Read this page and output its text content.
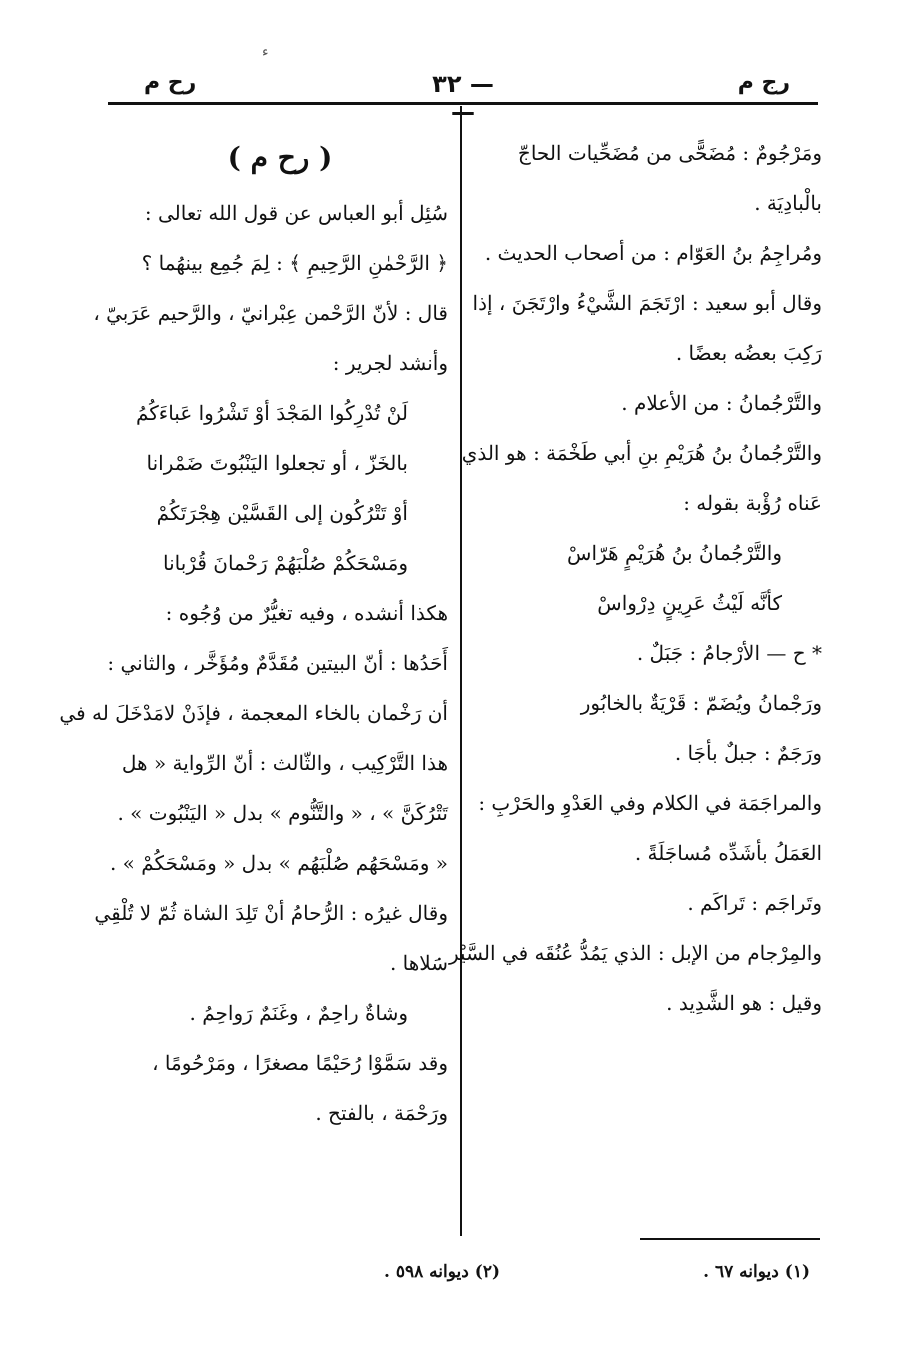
ﺀ
رج م
— ٣٢ —
رح م
ومَرْجُومٌ : مُضَحًّى من مُضَحِّيات الحاجّ
بالْبادِيَة .
ومُراجِمُ بنُ العَوّام : من أصحاب الحديث .
وقال أبو سعيد : ارْتَجَمَ الشَّيْءُ وارْتَجَنَ ، إذا
رَكِبَ بعضُه بعضًا .
والتَّرْجُمانُ : من الأعلام .
والتَّرْجُمانُ بنُ هُرَيْمِ بنِ أبي طَخْمَة : هو الذي
عَناه رُؤْبة بقوله :
والتَّرْجُمانُ بنُ هُرَيْمٍ هَرّاسْ
كأنَّه لَيْثُ عَرِينٍ دِرْواسْ
* ح — الأرْجامُ : جَبَلٌ .
ورَجْمانُ ويُضَمّ : قَرْيَةٌ بالخابُور
ورَجَمٌ : جبلٌ بأجَا .
والمراجَمَة في الكلام وفي العَدْوِ والحَرْبِ :
العَمَلُ بأشَدِّه مُساجَلَةً .
وتَراجَم : تَراكَم .
والمِرْجام من الإبل : الذي يَمُدُّ عُنُقَه في السَّيْر .
وقيل : هو الشَّدِيد .
( رح م )
سُئِل أبو العباس عن قول الله تعالى :
﴿ الرَّحْمٰنِ الرَّحِيمِ ﴾ : لِمَ جُمِع بينهُما ؟
قال : لأنّ الرَّحْمن عِبْرانيّ ، والرَّحيم عَرَبيّ ،
وأنشد لجرير :
لَنْ تُدْرِكُوا المَجْدَ أوْ تَشْرُوا عَباءَكُمُ
بالخَزّ ، أو تجعلوا اليَنْبُوتَ ضَمْرانا
أوْ تَتْرُكُون إلى القَسَّيْن هِجْرَتَكُمْ
ومَسْحَكُمْ صُلْبَهُمْ رَحْمانَ قُرْبانا
هكذا أنشده ، وفيه تغيُّرٌ من وُجُوه :
أَحَدُها : أنّ البيتين مُقَدَّمٌ ومُؤَخَّر ، والثاني :
أن رَخْمان بالخاء المعجمة ، فإذَنْ لامَدْخَلَ له في
هذا التَّرْكِيب ، والثّالث : أنّ الرِّواية « هل
تَتْرُكَنَّ » ، « والتَّنُّوم » بدل « اليَنْبُوت » .
« ومَسْحَهُم صُلْبَهُم » بدل « ومَسْحَكُمْ » .
وقال غيرُه : الرُّحامُ أنْ تَلِدَ الشاة ثُمّ لا تُلْقِي
سَلاها .
وشاةٌ راحِمٌ ، وغَنَمٌ رَواحِمُ .
وقد سَمَّوْا رُحَيْمًا مصغرًا ، ومَرْحُومًا ،
ورَحْمَة ، بالفتح .
(١) ديوانه ٦٧ .
(٢) ديوانه ٥٩٨ .
